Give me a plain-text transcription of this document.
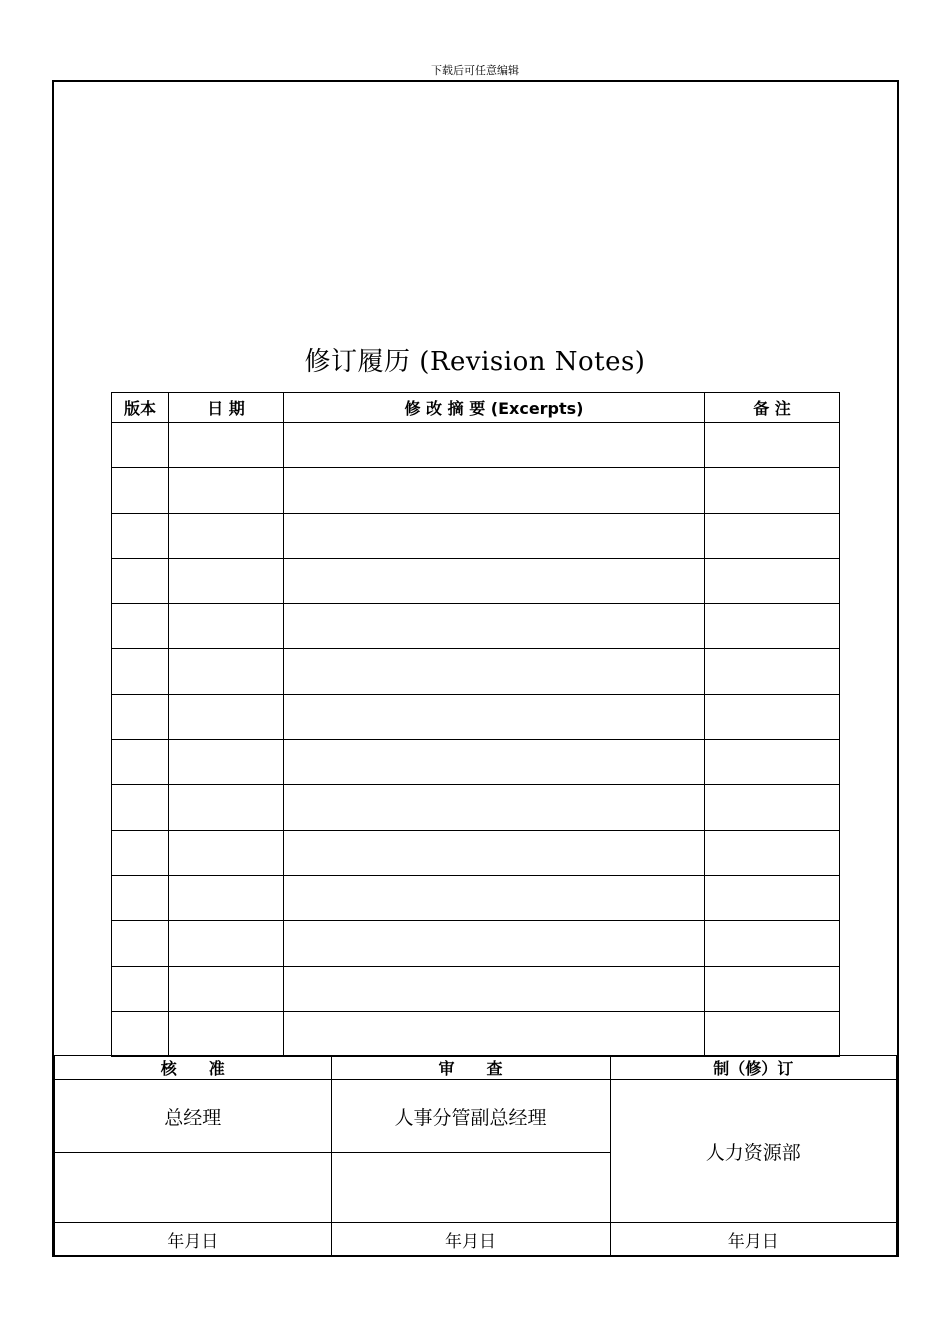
下载后可任意编辑
修订履历 (Revision Notes)
版本	日 期	修 改 摘 要 (Excerpts)	备 注

核　　准	审　　查	制（修）订
总经理	人事分管副总经理	人力资源部

年月日	年月日	年月日
